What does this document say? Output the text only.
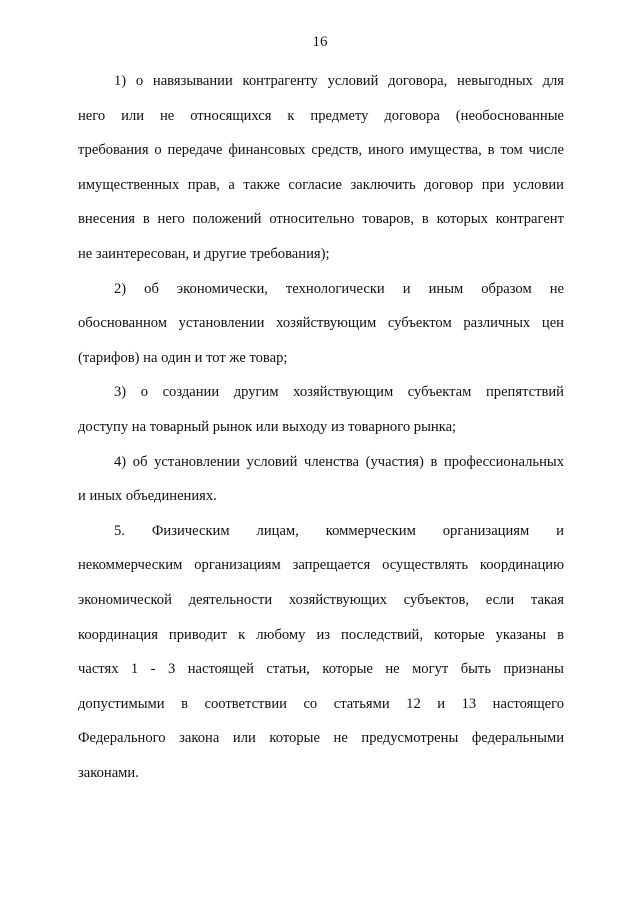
16
1) о навязывании контрагенту условий договора, невыгодных для
него или не относящихся к предмету договора (необоснованные
требования о передаче финансовых средств, иного имущества, в том числе
имущественных прав, а также согласие заключить договор при условии
внесения в него положений относительно товаров, в которых контрагент
не заинтересован, и другие требования);
2) об экономически, технологически и иным образом не
обоснованном установлении хозяйствующим субъектом различных цен
(тарифов) на один и тот же товар;
3) о создании другим хозяйствующим субъектам препятствий
доступу на товарный рынок или выходу из товарного рынка;
4) об установлении условий членства (участия) в профессиональных
и иных объединениях.
5. Физическим лицам, коммерческим организациям и
некоммерческим организациям запрещается осуществлять координацию
экономической деятельности хозяйствующих субъектов, если такая
координация приводит к любому из последствий, которые указаны в
частях 1 - 3 настоящей статьи, которые не могут быть признаны
допустимыми в соответствии со статьями 12 и 13 настоящего
Федерального закона или которые не предусмотрены федеральными
законами.
